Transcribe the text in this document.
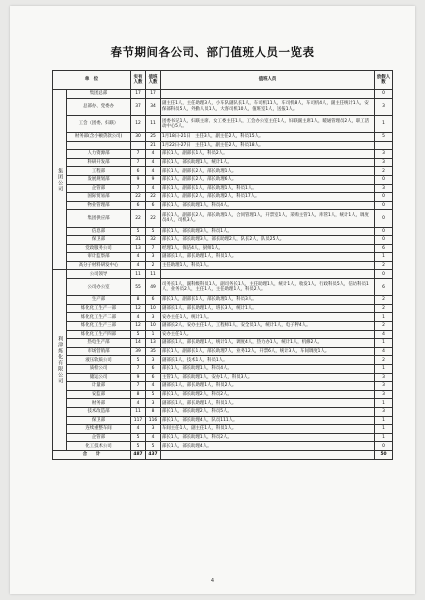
春节期间各公司、部门值班人员一览表
单　位		实有人数	值班人数	值班人员	放假人数
集团公司	集团总部	17	17		0
	总部办、党委办	37	34	副主任1人，主任助理3人，小车队副队长1人，车司机11人，车司机8人，车司机4人，副主任统计1人，安保部科员5人，外勤人员1人，大客司机10人，值班室1人，送报1人。	3
	工会（团委、妇联）	12	11	团委书记1人，妇联主席、女工委主任1人，工会办公室主任1人，妇联副主席1人，暖通管理员2人，职工活动中心5人。	1
	财务部(含小额贷款公司)	30	25	1月18日-21日　主任3人，副主任2人，科员15人。	5
			21	1月22日-27日　主任1人，副主任2人，科员18人。	
	人力资源部	7	4	部长1人，副部长1人，科员2人。	3
	科研开发部	7	4	部长1人，部长助理1人，统计1人。	3
	工程部	6	4	部长1人，副部长2人，部长助理1人。	2
	发展规划部	9	9	部长1人，副部长2人，部长助理6人。	0
	企管部	7	4	部长1人，副部长1人，部长助理1人，科员1人。	3
	国际贸易部	22	22	部长1人，副部长2人，部长助理2人，科员17人。	0
	物业管理部	6	6	部长1人，部长助理1人，科员4人。	0
	集团供应部	22	22	部长1人，副部长2人，部长助理1人，合同管理1人，开票室1人，采购主管1人，库管1人，统计1人，调度员4人，司机3人。	0
	信息部	5	5	部长1人，部长助理3人，科员1人。	0
	保卫部	31	32	部长1人，部长助理3人，部长助理2人，队长2人，队员25人。	0
	党政服务公司	13	7	经理1人，保洁4人，厨师1人。	6
	审计监察部	4	3	副部长1人，部长助理1人，科员1人。	1
	高分子材料研发中心	4	2	主任助理1人，科员1人。	2
利津炼化有限公司	公司领导	11	11		0
	公司办公室	55	49	司务长1人，副科级科员1人，副司务长1人，主任助理1人，统计1人，收发1人，行政科员5人，信访科员1人，业务员2人，主任1人，主任助理1人，科员2人。	6
	生产部	8	6	部长1人，副部长1人，部长助理1人，科员3人。	2
	炼化化工生产一部	12	10	副部长1人，部长助理1人，班长3人，统计1人。	2
	炼化化工生产二部	4	3	安办主任1人，统计1人。	1
	炼化化工生产三部	12	10	副部长2人，安办主任1人，工程师1人，安全员1人，统计1人，电子秤4人。	2
	炼化化工生产四部	5	1	安办主任1人。	4
	热电生产部	14	13	副部长1人，部长助理1人，统计1人，调度4人，热力办1人，统计1人，机修2人。	1
	市场营销部	39	35	部长1人，副部长1人，部长助理7人，业务12人，开票6人，统计3人，车间调度1人。	4
	液压软质公司	5	3	副部长1人，技术1人，科员1人。	2
	质检公司	7	6	部长1人，部长助理1人，科员4人。	1
	储运公司	9	6	主管1人，部长助理1人，安办1人，科员3人。	3
	计量部	7	4	副部长1人，部长助理1人，科员2人。	3
	安监部	8	5	部长1人，部长助理2人，科员2人。	3
	财务部	4	3	副部长1人，部长助理1人，科员1人。	1
	技术改造部	11	8	部长1人，部长助理2人，科员5人。	3
	保卫部	117	116	部长1人，部长助理4人，队员111人。	1
	连续重整车间	4	3	车间主任1人，副主任1人，科员1人。	1
	企管部	5	4	部长1人，部长助理1人，科员2人。	1
	化工技术公司	5	5	部长1人，部长助理4人。	0
合　　计		487	437		50
4
